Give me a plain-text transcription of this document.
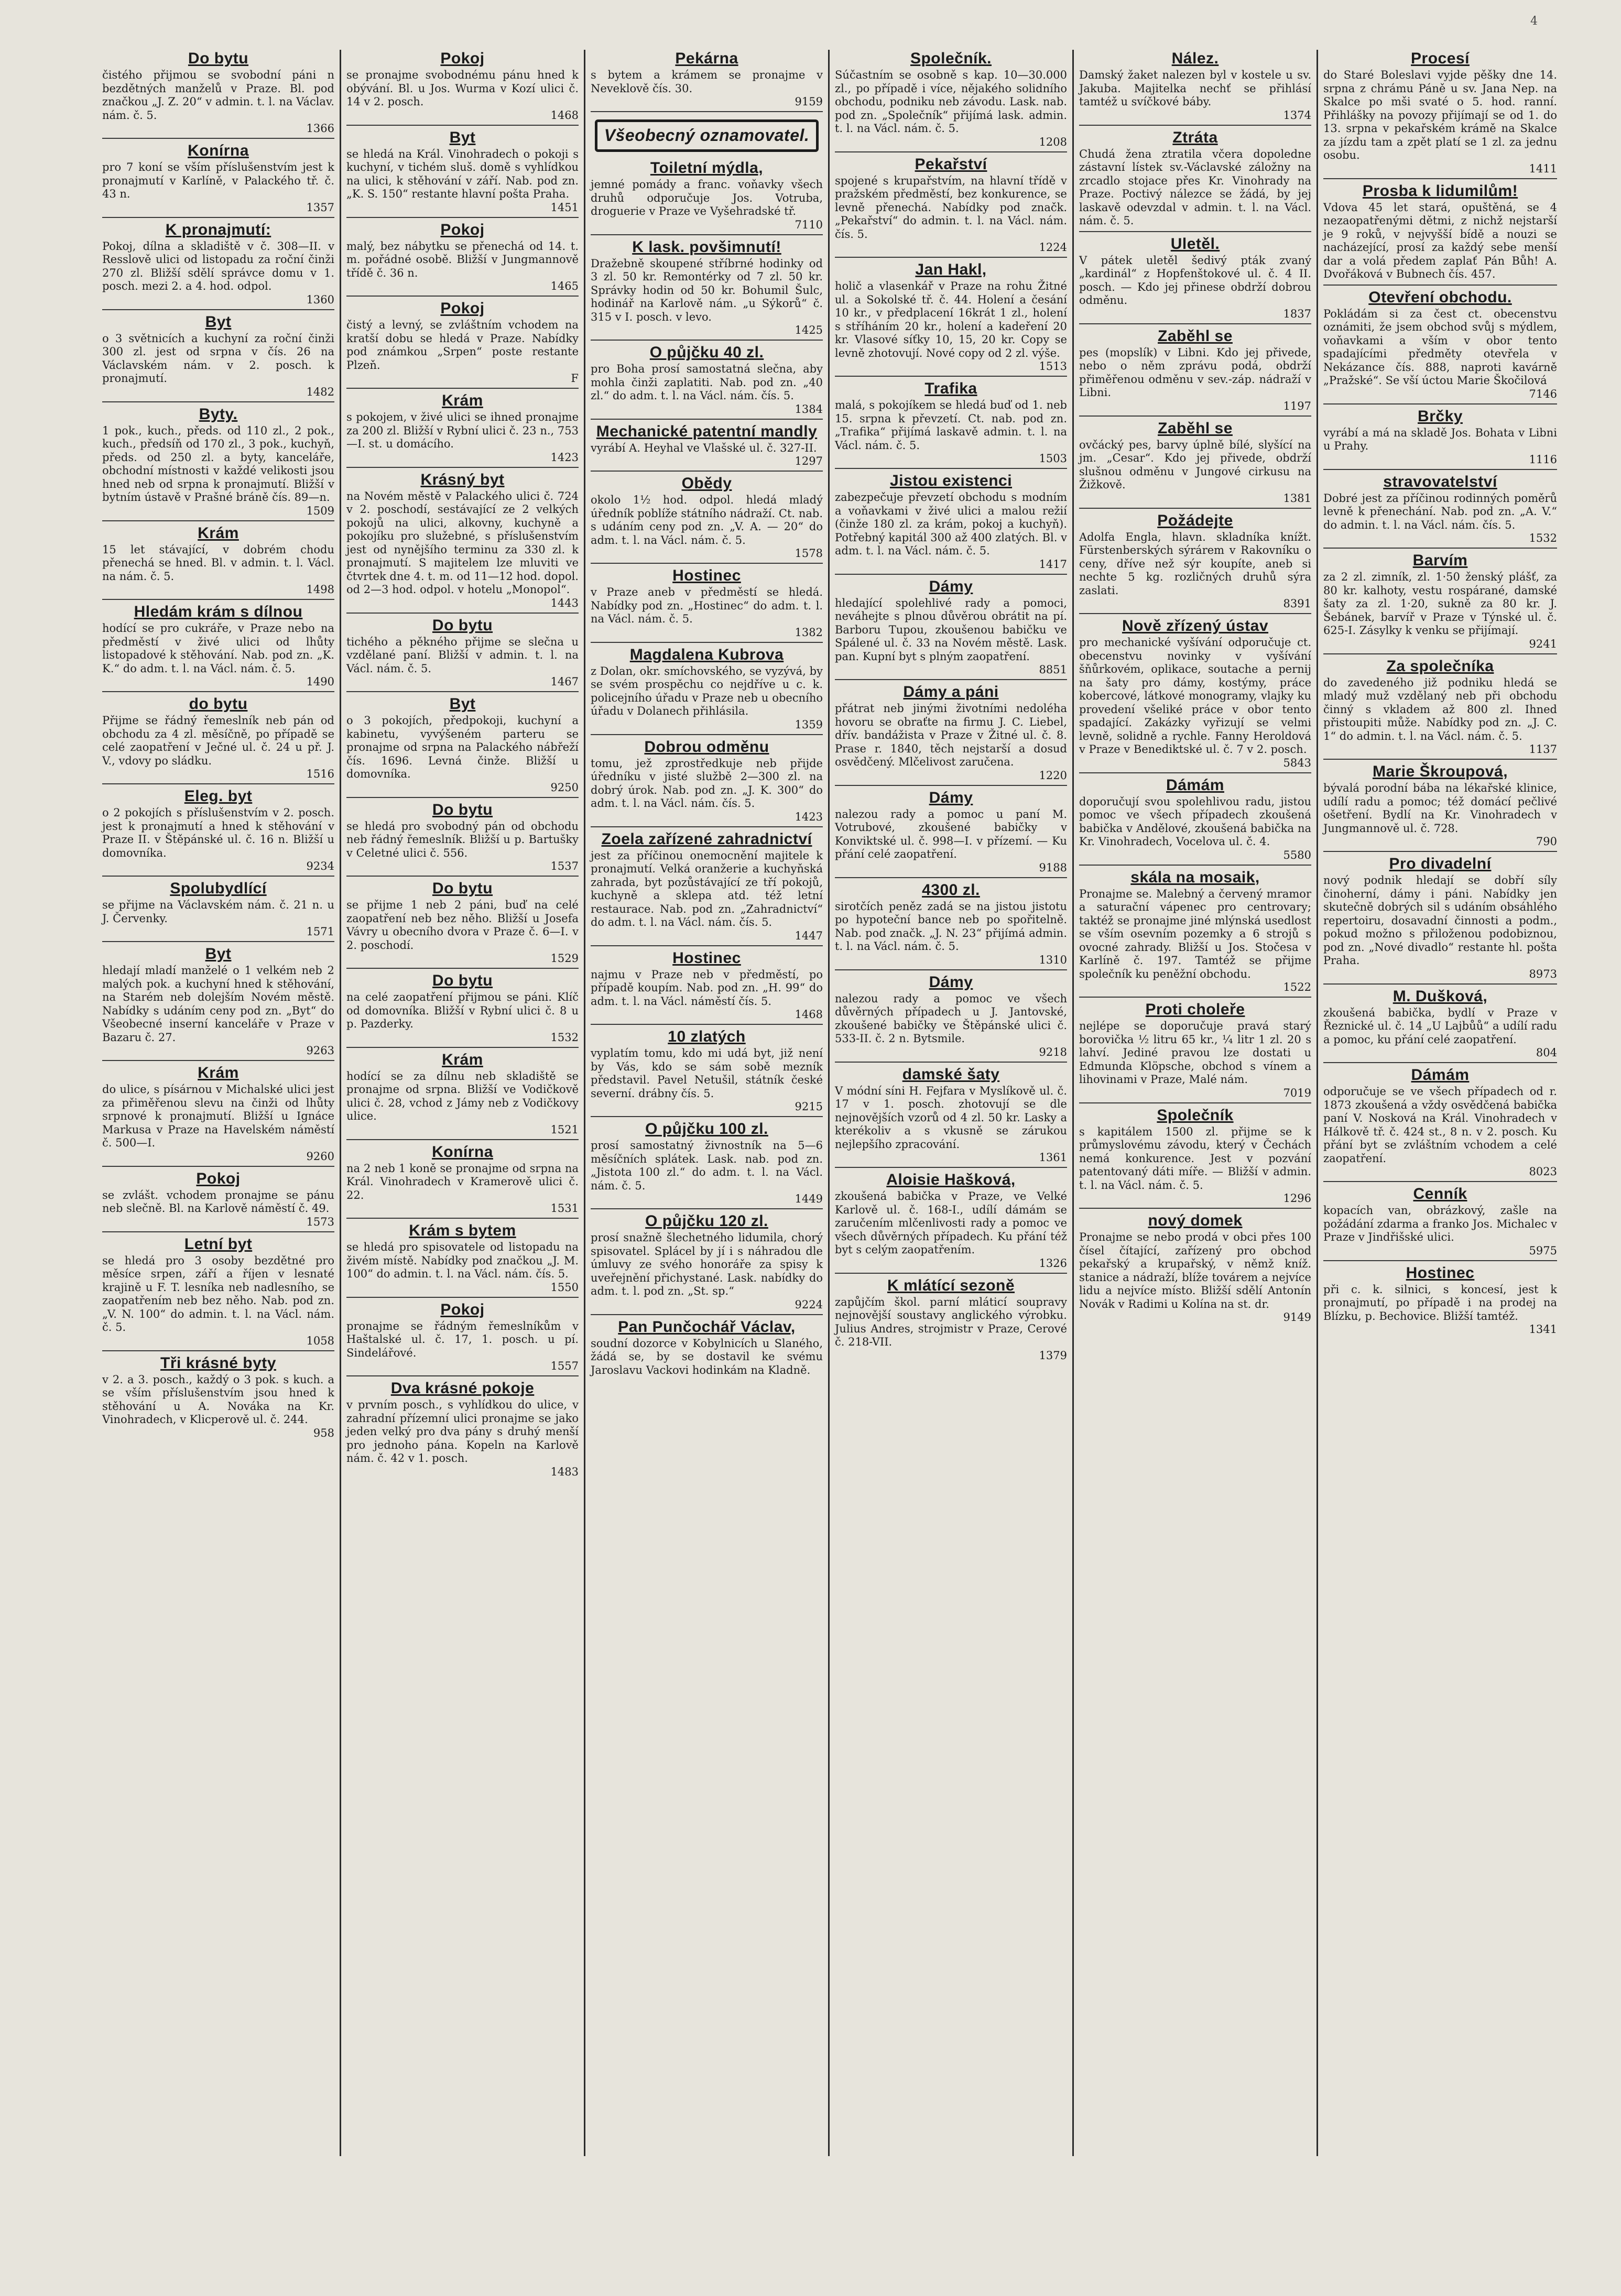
4
Do bytu

čistého přijmou se svobodní páni n bezdětných manželů v Praze. Bl. pod značkou „J. Z. 20“ v admin. t. l. na Václav. nám. č. 5.

1366

Konírna

pro 7 koní se vším příslušenstvím jest k pronajmutí v Karlíně, v Palackého tř. č. 43 n.

1357

K pronajmutí:

Pokoj, dílna a skladiště v č. 308—II. v Resslově ulici od listopadu za roční činži 270 zl. Bližší sdělí správce domu v 1. posch. mezi 2. a 4. hod. odpol.

1360

Byt

o 3 světnicích a kuchyní za roční činži 300 zl. jest od srpna v čís. 26 na Václavském nám. v 2. posch. k pronajmutí.

1482

Byty.

1 pok., kuch., předs. od 110 zl., 2 pok., kuch., předsíň od 170 zl., 3 pok., kuchyň, předs. od 250 zl. a byty, kanceláře, obchodní místnosti v každé velikosti jsou hned neb od srpna k pronajmutí. Bližší v bytním ústavě v Prašné bráně čís. 89—n.

1509

Krám

15 let stávající, v dobrém chodu přenechá se hned. Bl. v admin. t. l. Václ. na nám. č. 5.

1498

Hledám krám s dílnou

hodící se pro cukráře, v Praze nebo na předměstí v živé ulici od lhůty listopadové k stěhování. Nab. pod zn. „K. K.“ do adm. t. l. na Václ. nám. č. 5.

1490

do bytu

Přijme se řádný řemeslník neb pán od obchodu za 4 zl. měsíčně, po případě se celé zaopatření v Ječné ul. č. 24 u př. J. V., vdovy po sládku.

1516

Eleg. byt

o 2 pokojích s příslušenstvím v 2. posch. jest k pronajmutí a hned k stěhování v Praze II. v Štěpánské ul. č. 16 n. Bližší u domovníka.

9234

Spolubydlící

se přijme na Václavském nám. č. 21 n. u J. Červenky.

1571

Byt

hledají mladí manželé o 1 velkém neb 2 malých pok. a kuchyní hned k stěhování, na Starém neb dolejším Novém městě. Nabídky s udáním ceny pod zn. „Byt“ do Všeobecné inserní kanceláře v Praze v Bazaru č. 27.

9263

Krám

do ulice, s písárnou v Michalské ulici jest za přiměřenou slevu na činži od lhůty srpnové k pronajmutí. Bližší u Ignáce Markusa v Praze na Havelském náměstí č. 500—I.

9260

Pokoj

se zvlášt. vchodem pronajme se pánu neb slečně. Bl. na Karlově náměstí č. 49.

1573

Letní byt

se hledá pro 3 osoby bezdětné pro měsíce srpen, září a říjen v lesnaté krajině u F. T. lesníka neb nadlesního, se zaopatřením neb bez něho. Nab. pod zn. „V. N. 100“ do admin. t. l. na Václ. nám. č. 5.

1058

Tři krásné byty

v 2. a 3. posch., každý o 3 pok. s kuch. a se vším příslušenstvím jsou hned k stěhování u A. Nováka na Kr. Vinohradech, v Klicperově ul. č. 244.

958

Pokoj

se pronajme svobodnému pánu hned k obývání. Bl. u Jos. Wurma v Kozí ulici č. 14 v 2. posch.

1468

Byt

se hledá na Král. Vinohradech o pokoji s kuchyní, v tichém sluš. domě s vyhlídkou na ulici, k stěhování v září. Nab. pod zn. „K. S. 150“ restante hlavní pošta Praha.

1451

Pokoj

malý, bez nábytku se přenechá od 14. t. m. pořádné osobě. Bližší v Jungmannově třídě č. 36 n.

1465

Pokoj

čistý a levný, se zvláštním vchodem na kratší dobu se hledá v Praze. Nabídky pod známkou „Srpen“ poste restante Plzeň.

F

Krám

s pokojem, v živé ulici se ihned pronajme za 200 zl. Bližší v Rybní ulici č. 23 n., 753—I. st. u domácího.

1423

Krásný byt

na Novém městě v Palackého ulici č. 724 v 2. poschodí, sestávající ze 2 velkých pokojů na ulici, alkovny, kuchyně a pokojíku pro služebné, s příslušenstvím jest od nynějšího terminu za 330 zl. k pronajmutí. S majitelem lze mluviti ve čtvrtek dne 4. t. m. od 11—12 hod. dopol. od 2—3 hod. odpol. v hotelu „Monopol“.

1443

Do bytu

tichého a pěkného přijme se slečna u vzdělané paní. Bližší v admin. t. l. na Václ. nám. č. 5.

1467

Byt

o 3 pokojích, předpokoji, kuchyní a kabinetu, vyvýšeném parteru se pronajme od srpna na Palackého nábřeží čís. 1696. Levná činže. Bližší u domovníka.

9250

Do bytu

se hledá pro svobodný pán od obchodu neb řádný řemeslník. Bližší u p. Bartušky v Celetné ulici č. 556.

1537

Do bytu

se přijme 1 neb 2 páni, buď na celé zaopatření neb bez něho. Bližší u Josefa Vávry u obecního dvora v Praze č. 6—I. v 2. poschodí.

1529

Do bytu

na celé zaopatření přijmou se páni. Klíč od domovníka. Bližší v Rybní ulici č. 8 u p. Pazderky.

1532

Krám

hodící se za dílnu neb skladiště se pronajme od srpna. Bližší ve Vodičkově ulici č. 28, vchod z Jámy neb z Vodičkovy ulice.

1521

Konírna

na 2 neb 1 koně se pronajme od srpna na Král. Vinohradech v Kramerově ulici č. 22.

1531

Krám s bytem

se hledá pro spisovatele od listopadu na živém místě. Nabídky pod značkou „J. M. 100“ do admin. t. l. na Václ. nám. čís. 5.

1550

Pokoj

pronajme se řádným řemeslníkům v Haštalské ul. č. 17, 1. posch. u pí. Sindelářové.

1557

Dva krásné pokoje

v prvním posch., s vyhlídkou do ulice, v zahradní přízemní ulici pronajme se jako jeden velký pro dva pány s druhý menší pro jednoho pána. Kopeln na Karlově nám. č. 42 v 1. posch.

1483

Pekárna

s bytem a krámem se pronajme v Neveklově čís. 30.

9159

Všeobecný oznamovatel.
Toiletní mýdla,

jemné pomády a franc. voňavky všech druhů odporučuje Jos. Votruba, droguerie v Praze ve Vyšehradské tř.

7110

K lask. povšimnutí!

Dražebně skoupené stříbrné hodinky od 3 zl. 50 kr. Remontérky od 7 zl. 50 kr. Správky hodin od 50 kr. Bohumil Šulc, hodinář na Karlově nám. „u Sýkorů“ č. 315 v I. posch. v levo.

1425

O půjčku 40 zl.

pro Boha prosí samostatná slečna, aby mohla činži zaplatiti. Nab. pod zn. „40 zl.“ do adm. t. l. na Václ. nám. čís. 5.

1384

Mechanické patentní mandly

vyrábí A. Heyhal ve Vlašské ul. č. 327-II.

1297

Obědy

okolo 1½ hod. odpol. hledá mladý úředník poblíže státního nádraží. Ct. nab. s udáním ceny pod zn. „V. A. — 20“ do adm. t. l. na Václ. nám. č. 5.

1578

Hostinec

v Praze aneb v předměstí se hledá. Nabídky pod zn. „Hostinec“ do adm. t. l. na Václ. nám. č. 5.

1382

Magdalena Kubrova

z Dolan, okr. smíchovského, se vyzývá, by se svém prospěchu co nejdříve u c. k. policejního úřadu v Praze neb u obecního úřadu v Dolanech přihlásila.

1359

Dobrou odměnu

tomu, jež zprostředkuje neb přijde úředníku v jisté službě 2—300 zl. na dobrý úrok. Nab. pod zn. „J. K. 300“ do adm. t. l. na Václ. nám. čís. 5.

1423

Zoela zařízené zahradnictví

jest za příčinou onemocnění majitele k pronajmutí. Velká oranžerie a kuchyňská zahrada, byt pozůstávající ze tří pokojů, kuchyně a sklepa atd. též letní restaurace. Nab. pod zn. „Zahradnictví“ do adm. t. l. na Václ. nám. čís. 5.

1447

Hostinec

najmu v Praze neb v předměstí, po případě koupím. Nab. pod zn. „H. 99“ do adm. t. l. na Václ. náměstí čís. 5.

1468

10 zlatých

vyplatím tomu, kdo mi udá byt, již není by Vás, kdo se sám sobě mezník představil. Pavel Netušil, státník české severní. drábny čís. 5.

9215

O půjčku 100 zl.

prosí samostatný živnostník na 5—6 měsíčních splátek. Lask. nab. pod zn. „Jistota 100 zl.“ do adm. t. l. na Václ. nám. č. 5.

1449

O půjčku 120 zl.

prosí snažně šlechetného lidumila, chorý spisovatel. Splácel by jí i s náhradou dle úmluvy ze svého honoráře za spisy k uveřejnění přichystané. Lask. nabídky do adm. t. l. pod zn. „St. sp.“

9224

Pan Punčochář Václav,

soudní dozorce v Kobylnicích u Slaného, žádá se, by se dostavil ke svému Jaroslavu Vackovi hodinkám na Kladně.

Společník.

Súčastním se osobně s kap. 10—30.000 zl., po případě i více, nějakého solidního obchodu, podniku neb závodu. Lask. nab. pod zn. „Společník“ přijímá lask. admin. t. l. na Václ. nám. č. 5.

1208

Pekařství

spojené s krupařstvím, na hlavní třídě v pražském předměstí, bez konkurence, se levně přenechá. Nabídky pod značk. „Pekařství“ do admin. t. l. na Václ. nám. čís. 5.

1224

Jan Hakl,

holič a vlasenkář v Praze na rohu Žitné ul. a Sokolské tř. č. 44. Holení a česání 10 kr., v předplacení 16krát 1 zl., holení s stříháním 20 kr., holení a kadeření 20 kr. Vlasové síťky 10, 15, 20 kr. Copy se levně zhotovují. Nové copy od 2 zl. výše.

1513

Trafika

malá, s pokojíkem se hledá buď od 1. neb 15. srpna k převzetí. Ct. nab. pod zn. „Trafika“ přijímá laskavě admin. t. l. na Václ. nám. č. 5.

1503

Jistou existenci

zabezpečuje převzetí obchodu s modním a voňavkami v živé ulici a malou režií (činže 180 zl. za krám, pokoj a kuchyň). Potřebný kapitál 300 až 400 zlatých. Bl. v adm. t. l. na Václ. nám. č. 5.

1417

Dámy

hledající spolehlivé rady a pomoci, neváhejte s plnou důvěrou obrátit na pí. Barboru Tupou, zkoušenou babičku ve Spálené ul. č. 33 na Novém městě. Lask. pan. Kupní byt s plným zaopatření.

8851

Dámy a páni

přátrat neb jinými životními nedoléha hovoru se obraťte na firmu J. C. Liebel, dřív. bandážista v Praze v Žitné ul. č. 8. Prase r. 1840, těch nejstarší a dosud osvědčený. Mlčelivost zaručena.

1220

Dámy

nalezou rady a pomoc u paní M. Votrubové, zkoušené babičky v Konviktské ul. č. 998—I. v přízemí. — Ku přání celé zaopatření.

9188

4300 zl.

sirotčích peněz zadá se na jistou jistotu po hypoteční bance neb po spořitelně. Nab. pod značk. „J. N. 23“ přijímá admin. t. l. na Václ. nám. č. 5.

1310

Dámy

nalezou rady a pomoc ve všech důvěrných případech u J. Jantovské, zkoušené babičky ve Štěpánské ulici č. 533-II. č. 2 n. Bytsmile.

9218

damské šaty

V módní síni H. Fejfara v Myslíkově ul. č. 17 v 1. posch. zhotovují se dle nejnovějších vzorů od 4 zl. 50 kr. Lasky a kterékoliv a s vkusně se zárukou nejlepšího zpracování.

1361

Aloisie Hašková,

zkoušená babička v Praze, ve Velké Karlově ul. č. 168-I., udílí dámám se zaručením mlčenlivosti rady a pomoc ve všech důvěrných případech. Ku přání též byt s celým zaopatřením.

1326

K mlátící sezoně

zapůjčím škol. parní mláticí soupravy nejnovější soustavy anglického výrobku. Julius Andres, strojmistr v Praze, Cerové č. 218-VII.

1379

Nález.

Damský žaket nalezen byl v kostele u sv. Jakuba. Majitelka nechť se přihlásí tamtéž u svíčkové báby.

1374

Ztráta

Chudá žena ztratila včera dopoledne zástavní lístek sv.-Václavské záložny na zrcadlo stojace přes Kr. Vinohrady na Praze. Poctivý nálezce se žádá, by jej laskavě odevzdal v admin. t. l. na Václ. nám. č. 5.

Uletěl.

V pátek uletěl šedivý pták zvaný „kardinál“ z Hopfenštokové ul. č. 4 II. posch. — Kdo jej přinese obdrží dobrou odměnu.

1837

Zaběhl se

pes (mopslík) v Libni. Kdo jej přivede, nebo o něm zprávu podá, obdrží přiměřenou odměnu v sev.-záp. nádraží v Libni.

1197

Zaběhl se

ovčácký pes, barvy úplně bílé, slyšící na jm. „Cesar“. Kdo jej přivede, obdrží slušnou odměnu v Jungové cirkusu na Žižkově.

1381

Požádejte

Adolfa Engla, hlavn. skladníka knížt. Fürstenberských sýrárem v Rakovníku o ceny, dříve než sýr koupíte, aneb si nechte 5 kg. rozličných druhů sýra zaslati.

8391

Nově zřízený ústav

pro mechanické vyšívání odporučuje ct. obecenstvu novinky v vyšívání šňůrkovém, oplikace, soutache a pernij na šaty pro dámy, kostýmy, práce kobercové, látkové monogramy, vlajky ku provedení všeliké práce v obor tento spadající. Zakázky vyřizují se velmi levně, solidně a rychle. Fanny Heroldová v Praze v Benediktské ul. č. 7 v 2. posch.

5843

Dámám

doporučují svou spolehlivou radu, jistou pomoc ve všech případech zkoušená babička v Andělové, zkoušená babička na Kr. Vinohradech, Vocelova ul. č. 4.

5580

skála na mosaik,

Pronajme se. Malebný a červený mramor a saturační vápenec pro centrovary; taktéž se pronajme jiné mlýnská usedlost se vším osevním pozemky a 6 strojů s ovocné zahrady. Bližší u Jos. Stočesa v Karlíně č. 197. Tamtéž se přijme společník ku peněžní obchodu.

1522

Proti choleře

nejlépe se doporučuje pravá starý borovička ½ litru 65 kr., ¼ litr 1 zl. 20 s lahví. Jediné pravou lze dostati u Edmunda Klöpsche, obchod s vínem a lihovinami v Praze, Malé nám.

7019

Společník

s kapitálem 1500 zl. přijme se k průmyslovému závodu, který v Čechách nemá konkurence. Jest v pozvání patentovaný dáti míře. — Bližší v admin. t. l. na Václ. nám. č. 5.

1296

nový domek

Pronajme se nebo prodá v obci přes 100 čísel čítající, zařízený pro obchod pekařský a krupařský, v němž kníž. stanice a nádraží, blíže továrem a nejvíce lidu a nejvíce místo. Bližší sdělí Antonín Novák v Radimi u Kolína na st. dr.

9149

Procesí

do Staré Boleslavi vyjde pěšky dne 14. srpna z chrámu Páně u sv. Jana Nep. na Skalce po mši svaté o 5. hod. ranní. Přihlášky na povozy přijímají se od 1. do 13. srpna v pekařském krámě na Skalce za jízdu tam a zpět platí se 1 zl. za jednu osobu.

1411

Prosba k lidumilům!

Vdova 45 let stará, opuštěná, se 4 nezaopatřenými dětmi, z nichž nejstarší je 9 roků, v nejvyšší bídě a nouzi se nacházející, prosí za každý sebe menší dar a volá předem zaplať Pán Bůh! A. Dvořáková v Bubnech čís. 457.

Otevření obchodu.

Pokládám si za čest ct. obecenstvu oznámiti, že jsem obchod svůj s mýdlem, voňavkami a vším v obor tento spadajícími předměty otevřela v Nekázance čís. 888, naproti kavárně „Pražské“. Se vší úctou Marie Škočilová

7146

Brčky

vyrábí a má na skladě Jos. Bohata v Libni u Prahy.

1116

stravovatelství

Dobré jest za příčinou rodinných poměrů levně k přenechání. Nab. pod zn. „A. V.“ do admin. t. l. na Václ. nám. čís. 5.

1532

Barvím

za 2 zl. zimník, zl. 1·50 ženský plášť, za 80 kr. kalhoty, vestu rospárané, damské šaty za zl. 1·20, sukně za 80 kr. J. Šebánek, barvíř v Praze v Týnské ul. č. 625-I. Zásylky k venku se přijímají.

9241

Za společníka

do zavedeného již podniku hledá se mladý muž vzdělaný neb při obchodu činný s vkladem až 800 zl. Ihned přistoupiti může. Nabídky pod zn. „J. C. 1“ do admin. t. l. na Václ. nám. č. 5.

1137

Marie Škroupová,

bývalá porodní bába na lékařské klinice, udílí radu a pomoc; též domácí pečlivé ošetření. Bydlí na Kr. Vinohradech v Jungmannově ul. č. 728.

790

Pro divadelní

nový podnik hledají se dobří síly činoherní, dámy i páni. Nabídky jen skutečně dobrých sil s udáním obsáhlého repertoiru, dosavadní činnosti a podm., pokud možno s přiloženou podobiznou, pod zn. „Nové divadlo“ restante hl. pošta Praha.

8973

M. Dušková,

zkoušená babička, bydlí v Praze v Řeznické ul. č. 14 „U Lajbůů“ a udílí radu a pomoc, ku přání celé zaopatření.

804

Dámám

odporučuje se ve všech případech od r. 1873 zkoušená a vždy osvědčená babička paní V. Nosková na Král. Vinohradech v Hálkově tř. č. 424 st., 8 n. v 2. posch. Ku přání byt se zvláštním vchodem a celé zaopatření.

8023

Cenník

kopacích van, obrázkový, zašle na požádání zdarma a franko Jos. Michalec v Praze v Jindřišské ulici.

5975

Hostinec

při c. k. silnici, s koncesí, jest k pronajmutí, po případě i na prodej na Blízku, p. Bechovice. Bližší tamtéž.

1341
